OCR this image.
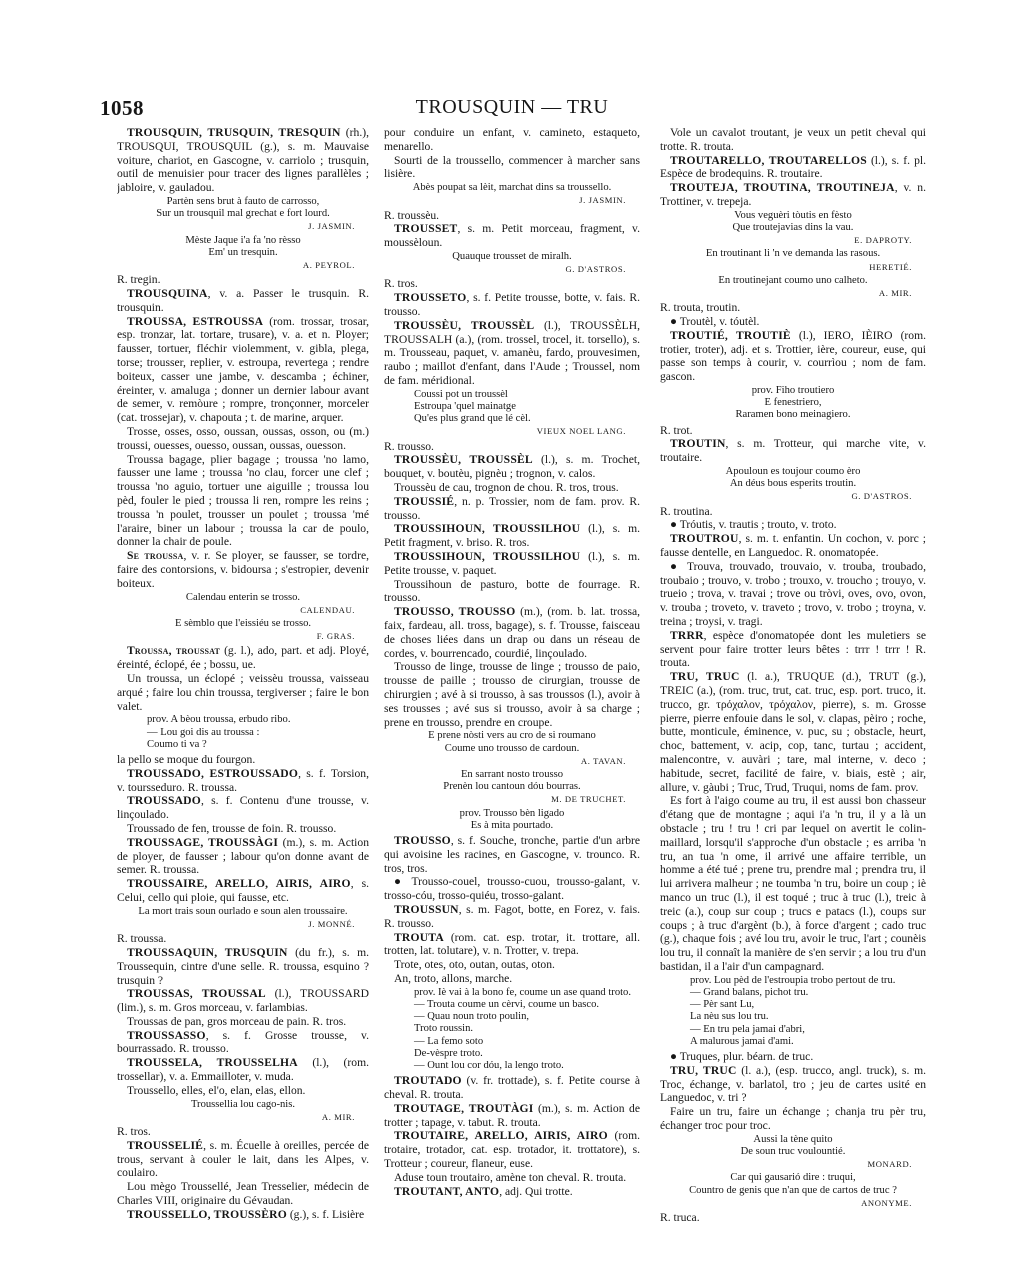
1058	TROUSQUIN — TRU

TROUSQUIN, TRUSQUIN, TRESQUIN (rh.), TROUSQUI, TROUSQUIL (g.), s. m. Mauvaise voiture, chariot, en Gascogne, v. carriolo ; trusquin, outil de menuisier pour tracer des lignes parallèles ; jabloire, v. gauladou.

Partèn sens brut à fauto de carrosso,
Sur un trousquil mal grechat e fort lourd.
J. JASMIN.
Mèste Jaque i'a fa 'no rèsso
Em' un tresquin.
A. PEYROL.

R. tregin.

TROUSQUINA, v. a. Passer le trusquin. R. trousquin.

TROUSSA, ESTROUSSA (rom. trossar, trosar, esp. tronzar, lat. tortare, trusare), v. a. et n. Ployer; fausser, tortuer, fléchir violemment, v. gibla, plega, torse; trousser, replier, v. estroupa, revertega ; rendre boiteux, casser une jambe, v. descamba ; échiner, éreinter, v. amaluga ; donner un dernier labour avant de semer, v. remòure ; rompre, tronçonner, morceler (cat. trossejar), v. chapouta ; t. de marine, arquer.

Trosse, osses, osso, oussan, oussas, osson, ou (m.) troussi, ouesses, ouesso, oussan, oussas, ouesson.

Troussa bagage, plier bagage ; troussa 'no lamo, fausser une lame ; troussa 'no clau, forcer une clef ; troussa 'no aguio, tortuer une aiguille ; troussa lou pèd, fouler le pied ; troussa li ren, rompre les reins ; troussa 'n poulet, trousser un poulet ; troussa 'mé l'araire, biner un labour ; troussa la car de poulo, donner la chair de poule.

Se troussa, v. r. Se ployer, se fausser, se tordre, faire des contorsions, v. bidoursa ; s'estropier, devenir boiteux.

Calendau enterin se trosso.
CALENDAU.
E sèmblo que l'eissiéu se trosso.
F. GRAS.

Troussa, troussat (g. l.), ado, part. et adj. Ployé, éreinté, éclopé, ée ; bossu, ue.

Un troussa, un éclopé ; veissèu troussa, vaisseau arqué ; faire lou chin troussa, tergiverser ; faire le bon valet.

prov. A bèou troussa, erbudo ribo.
— Lou goi dis au troussa :
Coumo ti va ?

la pello se moque du fourgon.

TROUSSADO, ESTROUSSADO, s. f. Torsion, v. toursseduro. R. troussa.

TROUSSADO, s. f. Contenu d'une trousse, v. linçoulado.

Troussado de fen, trousse de foin. R. trousso.

TROUSSAGE, TROUSSÀGI (m.), s. m. Action de ployer, de fausser ; labour qu'on donne avant de semer. R. troussa.

TROUSSAIRE, ARELLO, AIRIS, AIRO, s. Celui, cello qui ploie, qui fausse, etc.

La mort trais soun ourlado e soun alen troussaire.
J. MONNÉ.

R. troussa.

TROUSSAQUIN, TRUSQUIN (du fr.), s. m. Troussequin, cintre d'une selle. R. troussa, esquino ? trusquin ?

TROUSSAS, TROUSSAL (l.), TROUSSARD (lim.), s. m. Gros morceau, v. farlambias.

Troussas de pan, gros morceau de pain. R. tros.

TROUSSASSO, s. f. Grosse trousse, v. bourrassado. R. trousso.

TROUSSELA, TROUSSELHA (l.), (rom. trossellar), v. a. Emmailloter, v. muda.

Troussello, elles, el'o, elan, elas, ellon.

Troussellia lou cago-nis.
A. MIR.

R. tros.

TROUSSELIÉ, s. m. Écuelle à oreilles, percée de trous, servant à couler le lait, dans les Alpes, v. coulairo.

Lou mègo Troussellé, Jean Tresselier, médecin de Charles VIII, originaire du Gévaudan.

TROUSSELLO, TROUSSÈRO (g.), s. f. Lisière

pour conduire un enfant, v. camineto, estaqueto, menarello.

Sourti de la troussello, commencer à marcher sans lisière.

Abès poupat sa lèit, marchat dins sa troussello.
J. JASMIN.

R. troussèu.

TROUSSET, s. m. Petit morceau, fragment, v. moussèloun.

Quauque trousset de miralh.
G. D'ASTROS.

R. tros.

TROUSSETO, s. f. Petite trousse, botte, v. fais. R. trousso.

TROUSSÈU, TROUSSÈL (l.), TROUSSÈLH, TROUSSALH (a.), (rom. trossel, trocel, it. torsello), s. m. Trousseau, paquet, v. amanèu, fardo, prouvesimen, raubo ; maillot d'enfant, dans l'Aude ; Troussel, nom de fam. méridional.

Coussi pot un troussèl
Estroupa 'quel mainatge
Qu'es plus grand que lé cèl.
VIEUX NOEL LANG.

R. trousso.

TROUSSÈU, TROUSSÈL (l.), s. m. Trochet, bouquet, v. boutèu, pignèu ; trognon, v. calos.

Troussèu de cau, trognon de chou. R. tros, trous.

TROUSSIÉ, n. p. Trossier, nom de fam. prov. R. trousso.

TROUSSIHOUN, TROUSSILHOU (l.), s. m. Petit fragment, v. briso. R. tros.

TROUSSIHOUN, TROUSSILHOU (l.), s. m. Petite trousse, v. paquet.

Troussihoun de pasturo, botte de fourrage. R. trousso.

TROUSSO, TROUSSO (m.), (rom. b. lat. trossa, faix, fardeau, all. tross, bagage), s. f. Trousse, faisceau de choses liées dans un drap ou dans un réseau de cordes, v. bourrencado, courdié, linçoulado.

Trousso de linge, trousse de linge ; trousso de paio, trousse de paille ; trousso de cirurgian, trousse de chirurgien ; avé à si trousso, à sas troussos (l.), avoir à ses trousses ; avé sus si trousso, avoir à sa charge ; prene en trousso, prendre en croupe.

E prene nòsti vers au cro de si roumano
Coume uno trousso de cardoun.
A. TAVAN.
En sarrant nosto trousso
Prenèn lou cantoun dóu bourras.
M. DE TRUCHET.
prov. Trousso bèn ligado
Es à mita pourtado.

TROUSSO, s. f. Souche, tronche, partie d'un arbre qui avoisine les racines, en Gascogne, v. trounco. R. tros, tros.

● Trousso-couel, trousso-cuou, trousso-galant, v. trosso-cóu, trosso-quiéu, trosso-galant.

TROUSSUN, s. m. Fagot, botte, en Forez, v. fais. R. trousso.

TROUTA (rom. cat. esp. trotar, it. trottare, all. trotten, lat. tolutare), v. n. Trotter, v. trepa.

Trote, otes, oto, outan, outas, oton.

An, troto, allons, marche.

prov. Iè vai à la bono fe, coume un ase quand troto.
— Trouta coume un cèrvi, coume un basco.
— Quau noun troto poulin,
Troto roussin.
— La femo soto
De-vèspre troto.
— Ount lou cor dóu, la lengo troto.

TROUTADO (v. fr. trottade), s. f. Petite course à cheval. R. trouta.

TROUTAGE, TROUTÀGI (m.), s. m. Action de trotter ; tapage, v. tabut. R. trouta.

TROUTAIRE, ARELLO, AIRIS, AIRO (rom. trotaire, trotador, cat. esp. trotador, it. trottatore), s. Trotteur ; coureur, flaneur, euse.

Aduse toun troutairo, amène ton cheval. R. trouta.

TROUTANT, ANTO, adj. Qui trotte.

Vole un cavalot troutant, je veux un petit cheval qui trotte. R. trouta.

TROUTARELLO, TROUTARELLOS (l.), s. f. pl. Espèce de brodequins. R. troutaire.

TROUTEJA, TROUTINA, TROUTINEJA, v. n. Trottiner, v. trepeja.

Vous veguèri tòutis en fèsto
Que troutejavias dins la vau.
E. DAPROTY.
En troutinant li 'n ve demanda las rasous.
HERETIÉ.
En troutinejant coumo uno calheto.
A. MIR.

R. trouta, troutin.

● Troutèl, v. tóutèl.

TROUTIÉ, TROUTIÈ (l.), IERO, IÈIRO (rom. trotier, troter), adj. et s. Trottier, ière, coureur, euse, qui passe son temps à courir, v. courrìou ; nom de fam. gascon.

prov. Fiho troutiero
E fenestriero,
Raramen bono meinagiero.

R. trot.

TROUTIN, s. m. Trotteur, qui marche vite, v. troutaire.

Apouloun es toujour coumo èro
An déus bous esperits troutin.
G. D'ASTROS.

R. troutina.

● Tróutis, v. trautis ; trouto, v. troto.

TROUTROU, s. m. t. enfantin. Un cochon, v. porc ; fausse dentelle, en Languedoc. R. onomatopée.

● Trouva, trouvado, trouvaio, v. trouba, troubado, troubaio ; trouvo, v. trobo ; trouxo, v. troucho ; trouyo, v. trueio ; trova, v. travai ; trove ou tròvi, oves, ovo, ovon, v. trouba ; troveto, v. traveto ; trovo, v. trobo ; troyna, v. treina ; troysi, v. tragi.

TRRR, espèce d'onomatopée dont les muletiers se servent pour faire trotter leurs bêtes : trrr ! trrr ! R. trouta.

TRU, TRUC (l. a.), TRUQUE (d.), TRUT (g.), TREIC (a.), (rom. truc, trut, cat. truc, esp. port. truco, it. trucco, gr. τρόχαλον, τρόχαλον, pierre), s. m. Grosse pierre, pierre enfouie dans le sol, v. clapas, pèiro ; roche, butte, monticule, éminence, v. puc, su ; obstacle, heurt, choc, battement, v. acip, cop, tanc, turtau ; accident, malencontre, v. auvàri ; tare, mal interne, v. deco ; habitude, secret, facilité de faire, v. biais, estè ; air, allure, v. gàubi ; Truc, Trud, Truqui, noms de fam. prov.

Es fort à l'aigo coume au tru, il est aussi bon chasseur d'étang que de montagne ; aqui i'a 'n tru, il y a là un obstacle ; tru ! tru ! cri par lequel on avertit le colin-maillard, lorsqu'il s'approche d'un obstacle ; es arriba 'n tru, an tua 'n ome, il arrivé une affaire terrible, un homme a été tué ; prene tru, prendre mal ; prendra tru, il lui arrivera malheur ; ne toumba 'n tru, boire un coup ; iè manco un truc (l.), il est toqué ; truc à truc (l.), treic à treic (a.), coup sur coup ; trucs e patacs (l.), coups sur coups ; à truc d'argènt (b.), à force d'argent ; cado truc (g.), chaque fois ; avé lou tru, avoir le truc, l'art ; counèis lou tru, il connaît la manière de s'en servir ; a lou tru d'un bastidan, il a l'air d'un campagnard.

prov. Lou pèd de l'estroupia trobo pertout de tru.
— Grand balans, pichot tru.
— Pèr sant Lu,
La nèu sus lou tru.
— En tru pela jamai d'abri,
A malurous jamai d'ami.

● Truques, plur. béarn. de truc.

TRU, TRUC (l. a.), (esp. trucco, angl. truck), s. m. Troc, échange, v. barlatol, tro ; jeu de cartes usité en Languedoc, v. tri ?

Faire un tru, faire un échange ; chanja tru pèr tru, échanger troc pour troc.

Aussi la tène quito
De soun truc voulountié.
MONARD.
Car qui gausarió dire : truqui,
Countro de genis que n'an que de cartos de truc ?
ANONYME.

R. truca.
